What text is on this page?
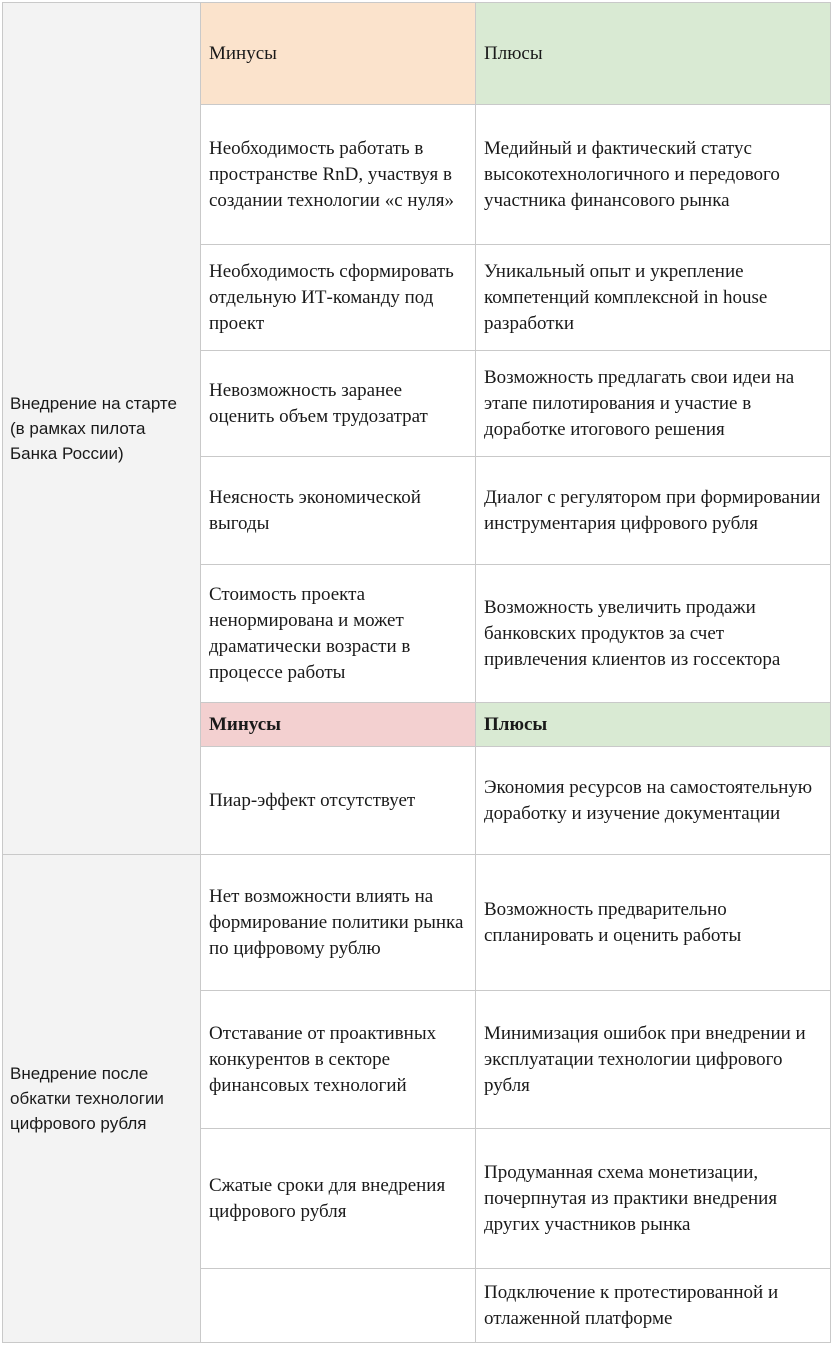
Внедрение на старте (в рамках пилота Банка России)	Минусы	Плюсы
	Необходимость работать в пространстве RnD, участвуя в создании технологии «с нуля»	Медийный и фактический статус высокотехнологичного и передового участника финансового рынка
	Необходимость сформировать отдельную ИТ-команду под проект	Уникальный опыт и укрепление компетенций комплексной in house разработки
	Невозможность заранее оценить объем трудозатрат	Возможность предлагать свои идеи на этапе пилотирования и участие в доработке итогового решения
	Неясность экономической выгоды	Диалог с регулятором при формировании инструментария цифрового рубля
	Стоимость проекта ненормирована и может драматически возрасти в процессе работы	Возможность увеличить продажи банковских продуктов за счет привлечения клиентов из госсектора
	Минусы	Плюсы
	Пиар-эффект отсутствует	Экономия ресурсов на самостоятельную доработку и изучение документации
Внедрение после обкатки технологии цифрового рубля	Нет возможности влиять на формирование политики рынка по цифровому рублю	Возможность предварительно спланировать и оценить работы
	Отставание от проактивных конкурентов в секторе финансовых технологий	Минимизация ошибок при внедрении и эксплуатации технологии цифрового рубля
	Сжатые сроки для внедрения цифрового рубля	Продуманная схема монетизации, почерпнутая из практики внедрения других участников рынка
		Подключение к протестированной и отлаженной платформе
